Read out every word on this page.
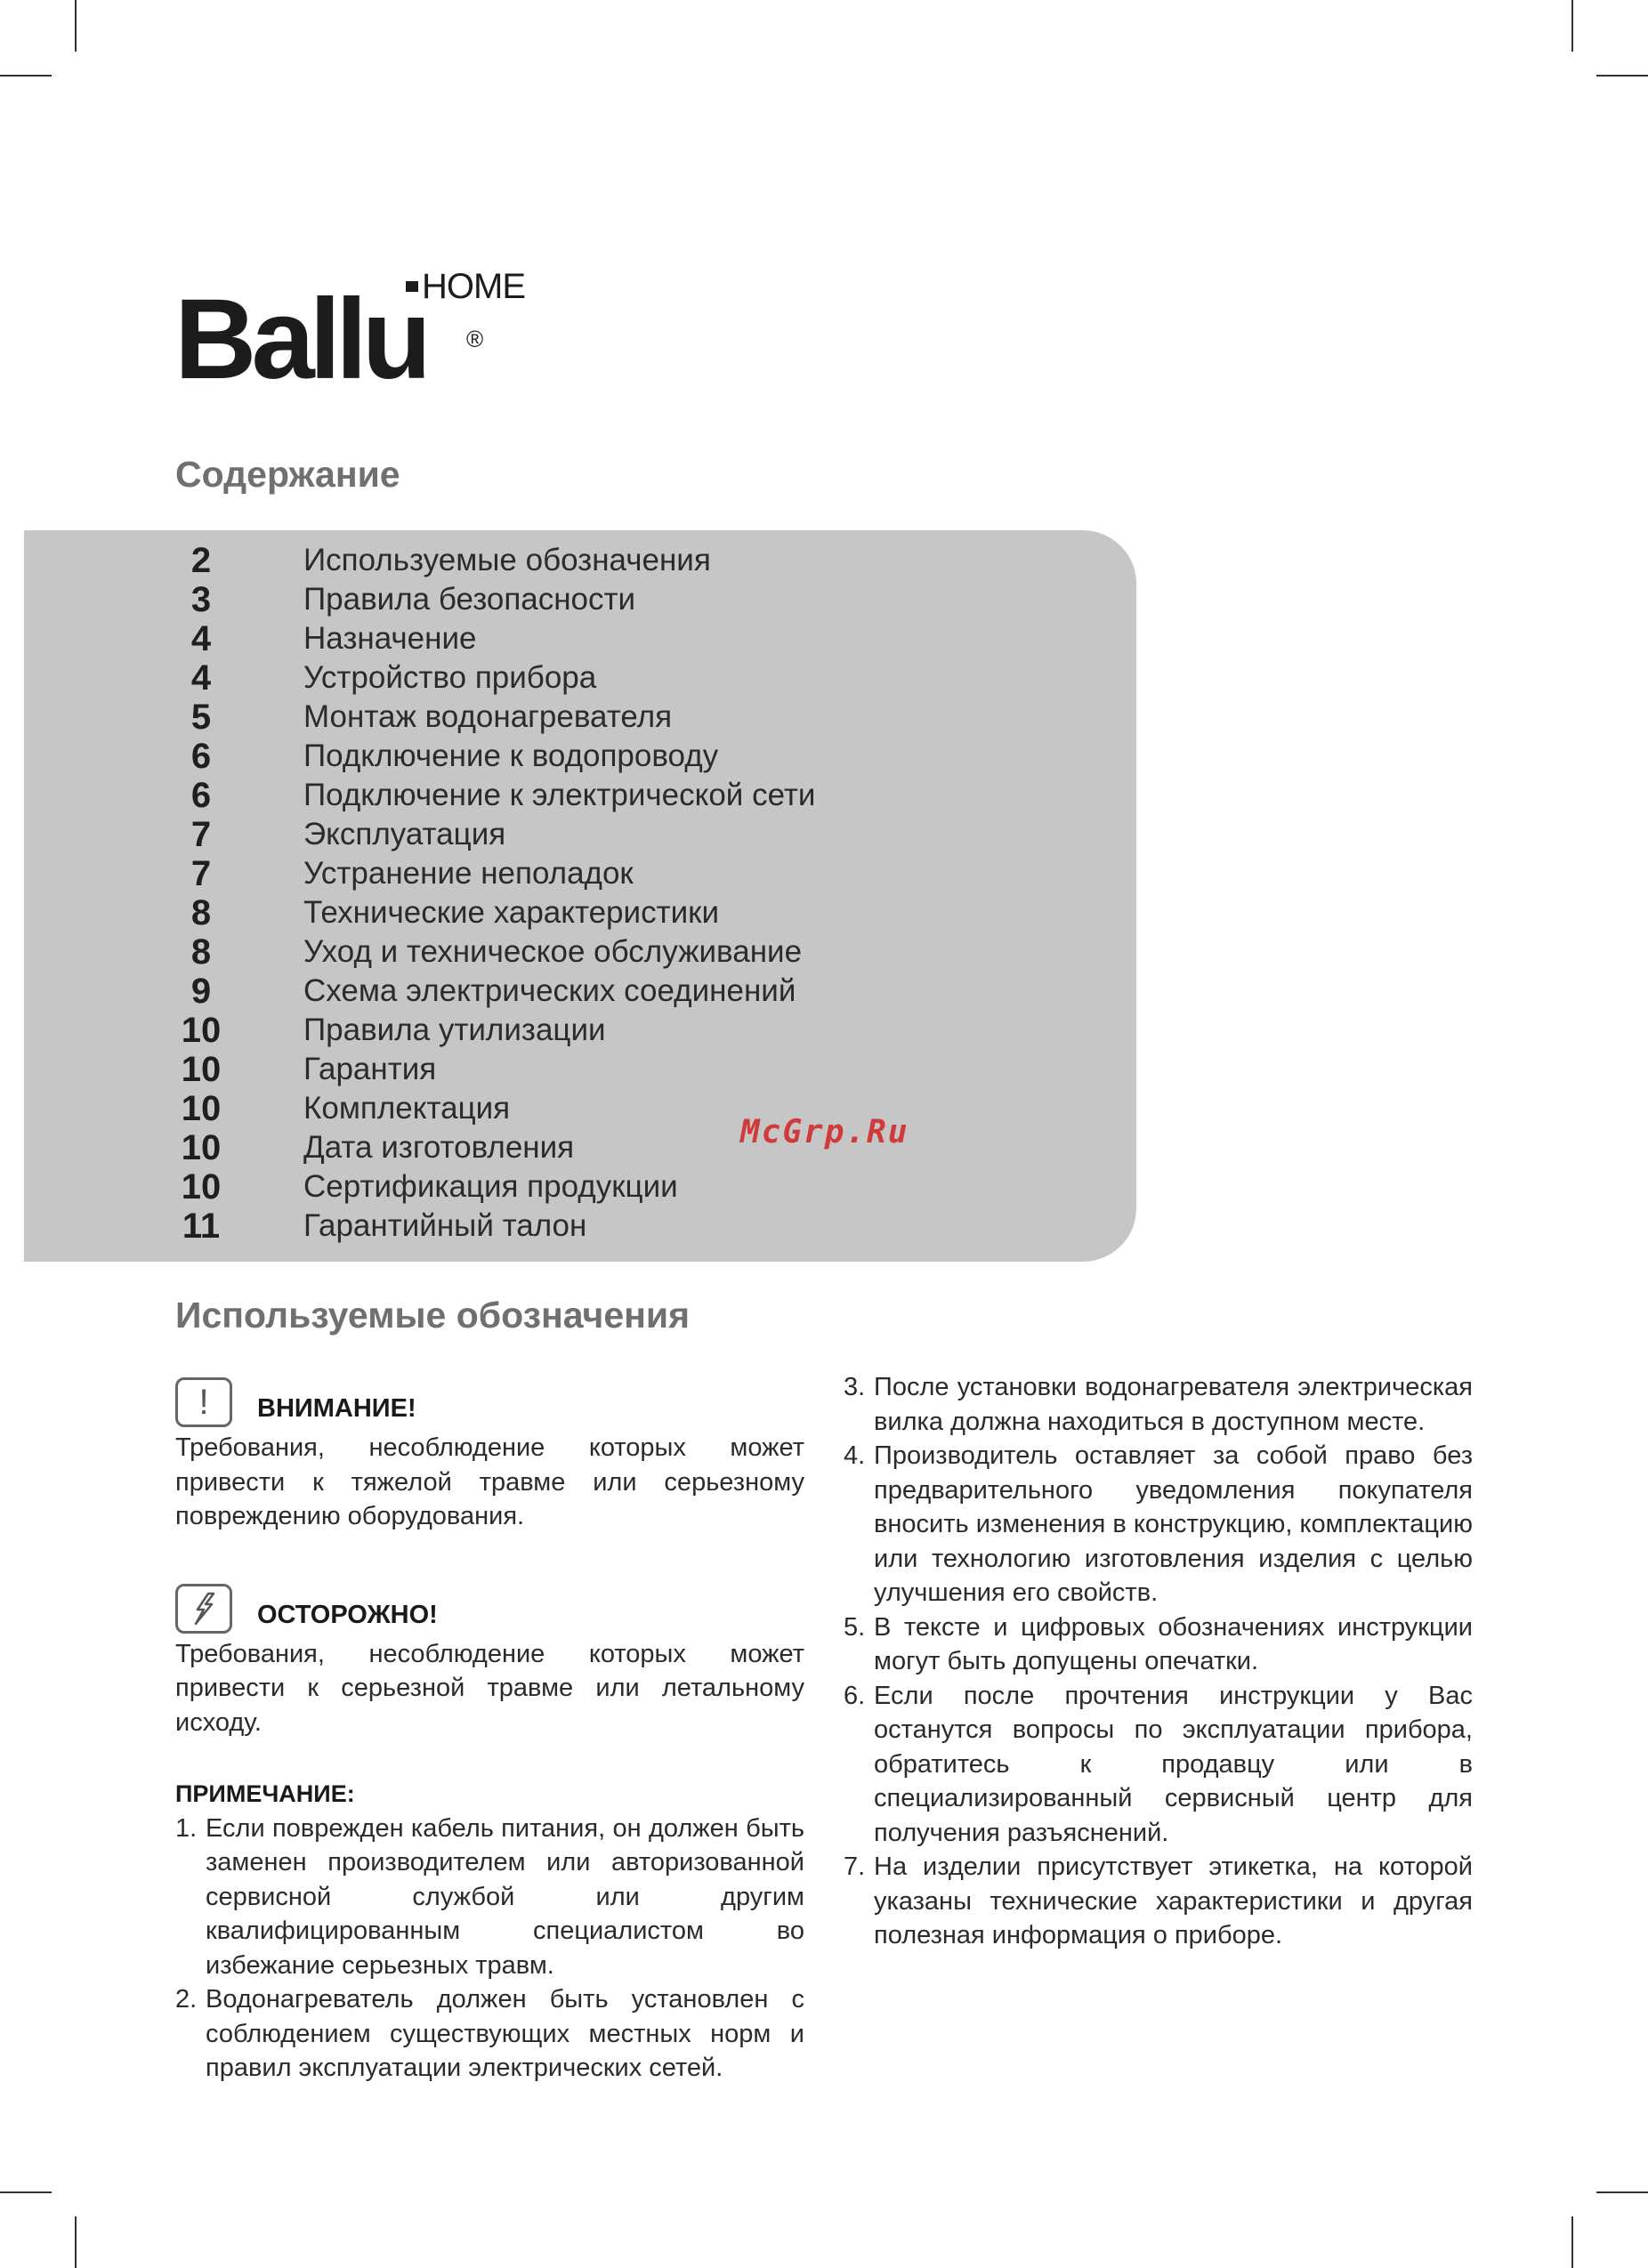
HOME
Ballu ®
Содержание
2	Используемые обозначения
3	Правила безопасности
4	Назначение
4	Устройство прибора
5	Монтаж водонагревателя
6	Подключение к водопроводу
6	Подключение к электрической сети
7	Эксплуатация
7	Устранение неполадок
8	Технические характеристики
8	Уход и техническое обслуживание
9	Схема электрических соединений
10	Правила утилизации
10	Гарантия
10	Комплектация
10	Дата изготовления
10	Сертификация продукции
11	Гарантийный талон
McGrp.Ru
Используемые обозначения
!	ВНИМАНИЕ!

Требования, несоблюдение которых может привести к тяжелой травме или серьезному повреждению оборудования.

ОСТОРОЖНО!

Требования, несоблюдение которых может привести к серьезной травме или летальному исходу.

ПРИМЕЧАНИЕ:

1. Если поврежден кабель питания, он должен быть заменен производителем или авторизованной сервисной службой или другим квалифицированным специалистом во избежание серьезных травм.
2. Водонагреватель должен быть установлен с соблюдением существующих местных норм и правил эксплуатации электрических сетей.
3. После установки водонагревателя электрическая вилка должна находиться в доступном месте.
4. Производитель оставляет за собой право без предварительного уведомления покупателя вносить изменения в конструкцию, комплектацию или технологию изготовления изделия с целью улучшения его свойств.
5. В тексте и цифровых обозначениях инструкции могут быть допущены опечатки.
6. Если после прочтения инструкции у Вас останутся вопросы по эксплуатации прибора, обратитесь к продавцу или в специализированный сервисный центр для получения разъяснений.
7. На изделии присутствует этикетка, на которой указаны технические характеристики и другая полезная информация о приборе.
